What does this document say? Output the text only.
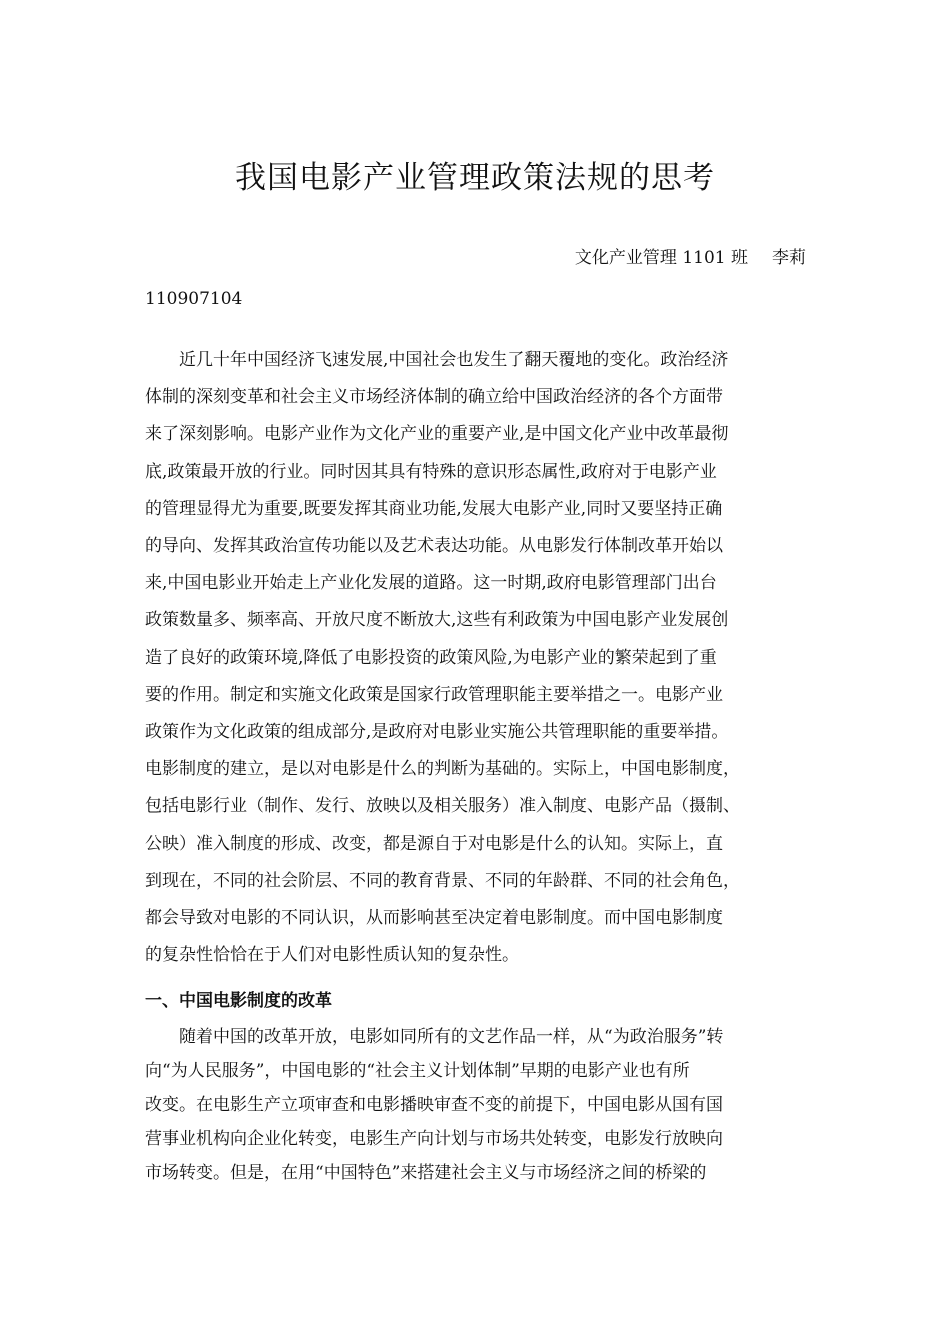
我国电影产业管理政策法规的思考
文化产业管理 1101 班 李莉
110907104
近几十年中国经济飞速发展,中国社会也发生了翻天覆地的变化。政治经济
体制的深刻变革和社会主义市场经济体制的确立给中国政治经济的各个方面带
来了深刻影响。电影产业作为文化产业的重要产业,是中国文化产业中改革最彻
底,政策最开放的行业。同时因其具有特殊的意识形态属性,政府对于电影产业
的管理显得尤为重要,既要发挥其商业功能,发展大电影产业,同时又要坚持正确
的导向、发挥其政治宣传功能以及艺术表达功能。从电影发行体制改革开始以
来,中国电影业开始走上产业化发展的道路。这一时期,政府电影管理部门出台
政策数量多、频率高、开放尺度不断放大,这些有利政策为中国电影产业发展创
造了良好的政策环境,降低了电影投资的政策风险,为电影产业的繁荣起到了重
要的作用。制定和实施文化政策是国家行政管理职能主要举措之一。电影产业
政策作为文化政策的组成部分,是政府对电影业实施公共管理职能的重要举措。
电影制度的建立，是以对电影是什么的判断为基础的。实际上，中国电影制度，
包括电影行业（制作、发行、放映以及相关服务）准入制度、电影产品（摄制、
公映）准入制度的形成、改变，都是源自于对电影是什么的认知。实际上，直
到现在，不同的社会阶层、不同的教育背景、不同的年龄群、不同的社会角色，
都会导致对电影的不同认识，从而影响甚至决定着电影制度。而中国电影制度
的复杂性恰恰在于人们对电影性质认知的复杂性。
一、中国电影制度的改革
随着中国的改革开放，电影如同所有的文艺作品一样，从“为政治服务”转
向“为人民服务”，中国电影的“社会主义计划体制”早期的电影产业也有所
改变。在电影生产立项审查和电影播映审查不变的前提下，中国电影从国有国
营事业机构向企业化转变，电影生产向计划与市场共处转变，电影发行放映向
市场转变。但是，在用“中国特色”来搭建社会主义与市场经济之间的桥梁的
